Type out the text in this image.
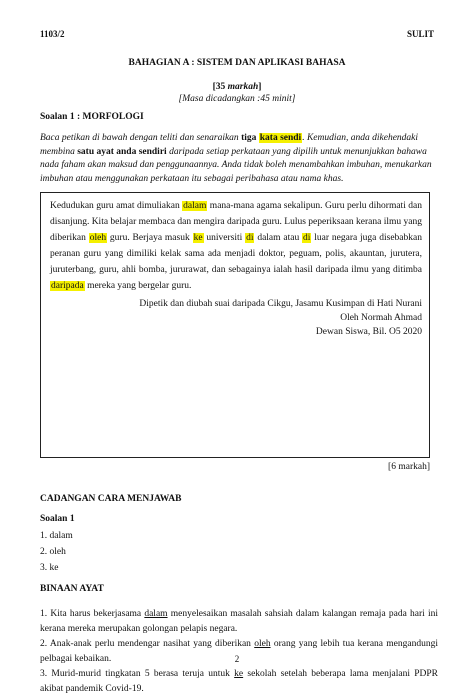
1103/2	SULIT
BAHAGIAN A : SISTEM DAN APLIKASI BAHASA
[35 markah]
[Masa dicadangkan :45 minit]
Soalan 1 : MORFOLOGI
Baca petikan di bawah dengan teliti dan senaraikan tiga kata sendi. Kemudian, anda dikehendaki membina satu ayat anda sendiri daripada setiap perkataan yang dipilih untuk menunjukkan bahawa nada faham akan maksud dan penggunaannya. Anda tidak boleh menambahkan imbuhan, menukarkan imbuhan atau menggunakan perkataan itu sebagai peribahasa atau nama khas.

Kedudukan guru amat dimuliakan dalam mana-mana agama sekalipun. Guru perlu dihormati dan disanjung. Kita belajar membaca dan mengira daripada guru. Lulus peperiksaan kerana ilmu yang diberikan oleh guru. Berjaya masuk ke universiti di dalam atau di luar negara juga disebabkan peranan guru yang dimiliki kelak sama ada menjadi doktor, peguam, polis, akauntan, jurutera, juruterbang, guru, ahli bomba, jururawat, dan sebagainya ialah hasil daripada ilmu yang ditimba daripada mereka yang bergelar guru.

Dipetik dan diubah suai daripada Cikgu, Jasamu Kusimpan di Hati Nurani

Oleh Normah Ahmad

Dewan Siswa, Bil. O5 2020

[6 markah]
CADANGAN CARA MENJAWAB
Soalan 1

1. dalam

2. oleh

3. ke

BINAAN AYAT

1. Kita harus bekerjasama dalam menyelesaikan masalah sahsiah dalam kalangan remaja pada hari ini kerana mereka merupakan golongan pelapis negara.

2. Anak-anak perlu mendengar nasihat yang diberikan oleh orang yang lebih tua kerana mengandungi pelbagai kebaikan.

3. Murid-murid tingkatan 5 berasa teruja untuk ke sekolah setelah beberapa lama menjalani PDPR akibat pandemik Covid-19.

2
